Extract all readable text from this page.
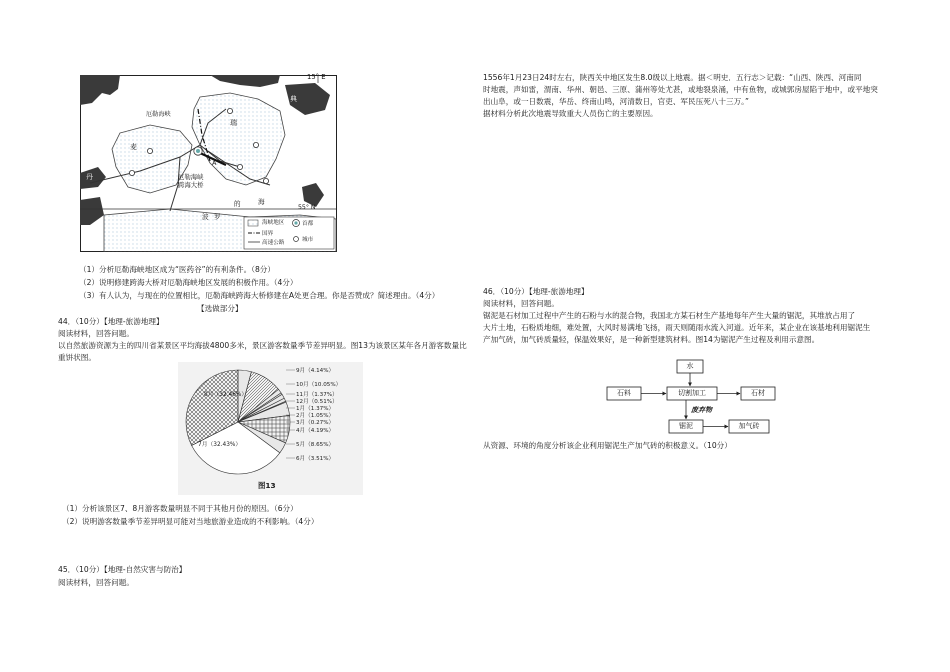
15° E
厄勒海峡
典
瑞
麦
丹	厄勒海峡
跨海大桥
波 罗
的	海
55° N
A
海峡地区
国界
高速公路
首都
城市
（1）分析厄勒海峡地区成为“医药谷”的有利条件。（8分）
（2）说明修建跨海大桥对厄勒海峡地区发展的积极作用。（4分）
（3）有人认为，与现在的位置相比，厄勒海峡跨海大桥修建在A处更合理。你是否赞成？简述理由。（4分）
【选做部分】
44．（10分）【地理-旅游地理】
阅读材料，回答问题。
以自然旅游资源为主的四川省某景区平均海拔4800多米，景区游客数量季节差异明显。图13为该景区某年各月游客数量比重饼状图。
9月（4.14%）
10月（10.05%）
11月（1.37%）
12月（0.51%）
1月（1.37%）
2月（1.05%）
3月（0.27%）
4月（4.19%）
5月（8.65%）
6月（3.51%）
7月（32.43%）
8月（32.46%）
图13
（1）分析该景区7、8月游客数量明显不同于其他月份的原因。（6分）
（2）说明游客数量季节差异明显可能对当地旅游业造成的不利影响。（4分）
45．（10分）【地理-自然灾害与防治】
阅读材料，回答问题。
1556年1月23日24时左右，陕西关中地区发生8.0级以上地震。据＜明史．五行志＞记载：“山西、陕西、河南同
时地震，声如雷，渭南、华州、朝邑、三原、蒲州等处尤甚，或地裂泉涌，中有鱼物，或城郭房屋陷于地中，或平地突
出山阜，或一日数震，华岳、终南山鸣，河清数日，官吏、军民压死八十三万。”
据材料分析此次地震导致重大人员伤亡的主要原因。
46．（10分）【地理-旅游地理】
阅读材料，回答问题。
锯泥是石材加工过程中产生的石粉与水的混合物，我国北方某石材生产基地每年产生大量的锯泥，其堆放占用了
大片土地，石粉质地细，难处置，大风时易满地飞扬，雨天则随雨水流入河道。近年来，某企业在该基地利用锯泥生
产加气砖，加气砖质量轻，保温效果好，是一种新型建筑材料。图14为锯泥产生过程及利用示意图。
水
石料	切割加工	石材
废弃物
锯泥	加气砖
从资源、环境的角度分析该企业利用锯泥生产加气砖的积极意义。（10分）
